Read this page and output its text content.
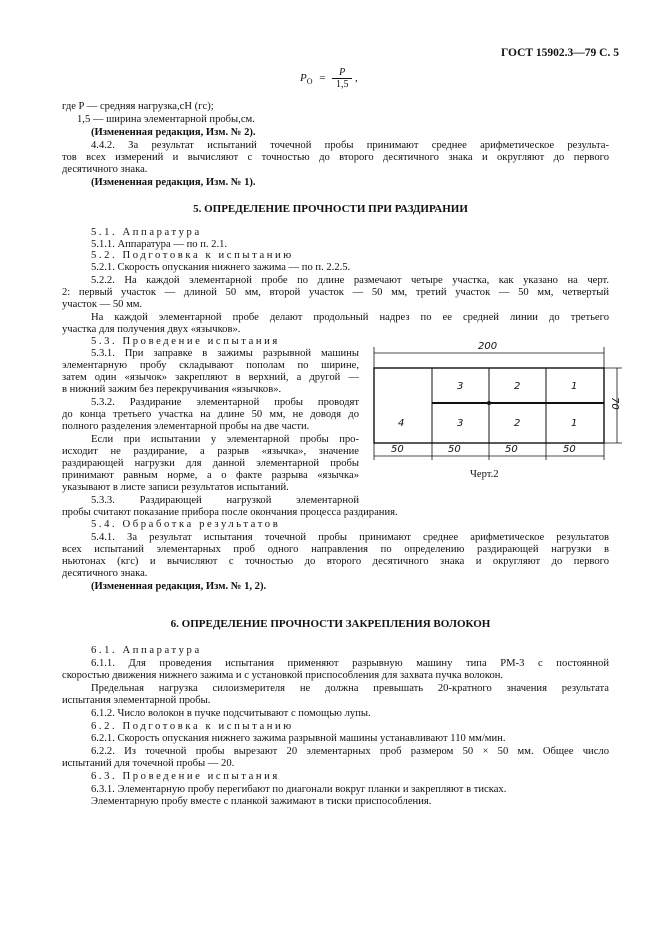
ГОСТ 15902.3—79 С. 5
$P_О = \frac{P}{1,5}$ ,
где P — средняя нагрузка,сН (гс);
1,5 — ширина элементарной пробы,см.
(Измененная редакция, Изм. № 2).
4.4.2. За результат испытаний точечной пробы принимают среднее арифметическое результа-
тов всех измерений и вычисляют с точностью до второго десятичного знака и округляют до первого
десятичного знака.
(Измененная редакция, Изм. № 1).
5. ОПРЕДЕЛЕНИЕ ПРОЧНОСТИ ПРИ РАЗДИРАНИИ
5.1. Аппаратура
5.1.1. Аппаратура — по п. 2.1.
5.2. Подготовка к испытанию
5.2.1. Скорость опускания нижнего зажима — по п. 2.2.5.
5.2.2. На каждой элементарной пробе по длине размечают четыре участка, как указано на черт.
2: первый участок — длиной 50 мм, второй участок — 50 мм, третий участок — 50 мм, четвертый
участок — 50 мм.
На каждой элементарной пробе делают продольный надрез по ее средней линии до третьего
участка для получения двух «язычков».
5.3. Проведение испытания
5.3.1. При заправке в зажимы разрывной машины
элементарную пробу складывают пополам по ширине,
затем один «язычок» закрепляют в верхний, а другой —
в нижний зажим без перекручивания «язычков».
5.3.2. Раздирание элементарной пробы проводят
до конца третьего участка на длине 50 мм, не доводя до
полного разделения элементарной пробы на две части.
Если при испытании у элементарной пробы про-
исходит не раздирание, а разрыв «язычка», значение
раздирающей нагрузки для данной элементарной пробы
принимают равным норме, а о факте разрыва «язычка»
указывают в листе записи результатов испытаний.
5.3.3. Раздирающей нагрузкой элементарной
пробы считают показание прибора после окончания процесса раздирания.
200
70
3	2	1
4	3	2	1
50	50	50	50
Черт.2
5.4. Обработка результатов
5.4.1. За результат испытания точечной пробы принимают среднее арифметическое результатов
всех испытаний элементарных проб одного направления по определению раздирающей нагрузки в
ньютонах (кгс) и вычисляют с точностью до второго десятичного знака и округляют до первого
десятичного знака.
(Измененная редакция, Изм. № 1, 2).
6. ОПРЕДЕЛЕНИЕ ПРОЧНОСТИ ЗАКРЕПЛЕНИЯ ВОЛОКОН
6.1. Аппаратура
6.1.1. Для проведения испытания применяют разрывную машину типа РМ-3 с постоянной
скоростью движения нижнего зажима и с установкой приспособления для захвата пучка волокон.
Предельная нагрузка силоизмерителя не должна превышать 20-кратного значения результата
испытания элементарной пробы.
6.1.2. Число волокон в пучке подсчитывают с помощью лупы.
6.2. Подготовка к испытанию
6.2.1. Скорость опускания нижнего зажима разрывной машины устанавливают 110 мм/мин.
6.2.2. Из точечной пробы вырезают 20 элементарных проб размером 50 × 50 мм. Общее число
испытаний для точечной пробы — 20.
6.3. Проведение испытания
6.3.1. Элементарную пробу перегибают по диагонали вокруг планки и закрепляют в тисках.
Элементарную пробу вместе с планкой зажимают в тиски приспособления.
